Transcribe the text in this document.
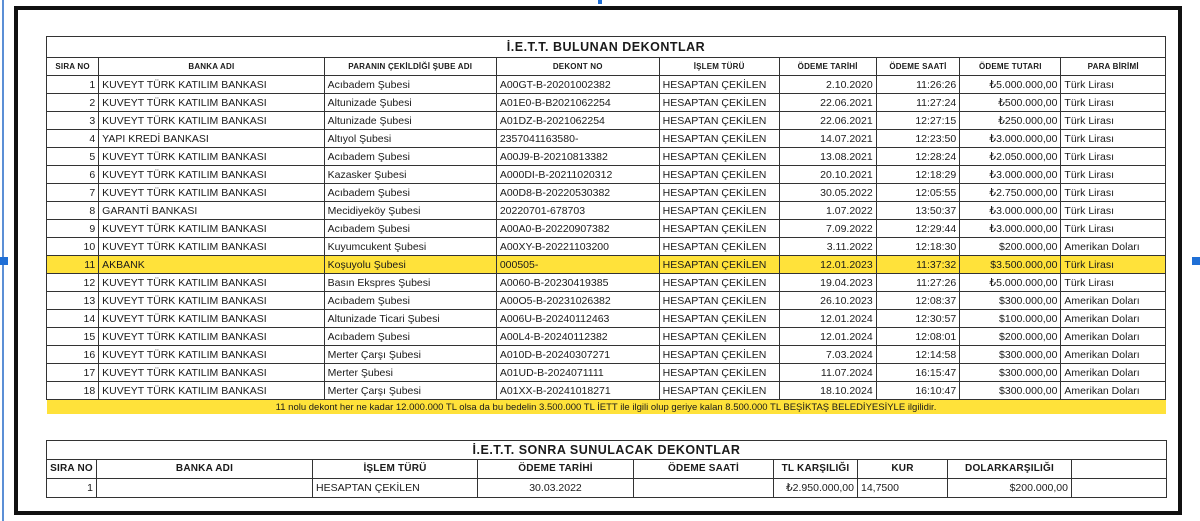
İ.E.T.T. BULUNAN DEKONTLAR								
SIRA NO	BANKA ADI	PARANIN ÇEKİLDİĞİ ŞUBE ADI	DEKONT NO	İŞLEM TÜRÜ	ÖDEME TARİHİ	ÖDEME SAATİ	ÖDEME TUTARI	PARA BİRİMİ
1	KUVEYT TÜRK KATILIM BANKASI	Acıbadem Şubesi	A00GT-B-20201002382	HESAPTAN ÇEKİLEN	2.10.2020	11:26:26	₺5.000.000,00	Türk Lirası
2	KUVEYT TÜRK KATILIM BANKASI	Altunizade Şubesi	A01E0-B-B2021062254	HESAPTAN ÇEKİLEN	22.06.2021	11:27:24	₺500.000,00	Türk Lirası
3	KUVEYT TÜRK KATILIM BANKASI	Altunizade Şubesi	A01DZ-B-2021062254	HESAPTAN ÇEKİLEN	22.06.2021	12:27:15	₺250.000,00	Türk Lirası
4	YAPI KREDİ BANKASI	Altıyol Şubesi	2357041163580-	HESAPTAN ÇEKİLEN	14.07.2021	12:23:50	₺3.000.000,00	Türk Lirası
5	KUVEYT TÜRK KATILIM BANKASI	Acıbadem Şubesi	A00J9-B-20210813382	HESAPTAN ÇEKİLEN	13.08.2021	12:28:24	₺2.050.000,00	Türk Lirası
6	KUVEYT TÜRK KATILIM BANKASI	Kazasker Şubesi	A000DI-B-20211020312	HESAPTAN ÇEKİLEN	20.10.2021	12:18:29	₺3.000.000,00	Türk Lirası
7	KUVEYT TÜRK KATILIM BANKASI	Acıbadem Şubesi	A00D8-B-20220530382	HESAPTAN ÇEKİLEN	30.05.2022	12:05:55	₺2.750.000,00	Türk Lirası
8	GARANTİ BANKASI	Mecidiyeköy Şubesi	20220701-678703	HESAPTAN ÇEKİLEN	1.07.2022	13:50:37	₺3.000.000,00	Türk Lirası
9	KUVEYT TÜRK KATILIM BANKASI	Acıbadem Şubesi	A00A0-B-20220907382	HESAPTAN ÇEKİLEN	7.09.2022	12:29:44	₺3.000.000,00	Türk Lirası
10	KUVEYT TÜRK KATILIM BANKASI	Kuyumcukent Şubesi	A00XY-B-20221103200	HESAPTAN ÇEKİLEN	3.11.2022	12:18:30	$200.000,00	Amerikan Doları
11	AKBANK	Koşuyolu Şubesi	000505-	HESAPTAN ÇEKİLEN	12.01.2023	11:37:32	$3.500.000,00	Türk Lirası
12	KUVEYT TÜRK KATILIM BANKASI	Basın Ekspres Şubesi	A0060-B-20230419385	HESAPTAN ÇEKİLEN	19.04.2023	11:27:26	₺5.000.000,00	Türk Lirası
13	KUVEYT TÜRK KATILIM BANKASI	Acıbadem Şubesi	A00O5-B-20231026382	HESAPTAN ÇEKİLEN	26.10.2023	12:08:37	$300.000,00	Amerikan Doları
14	KUVEYT TÜRK KATILIM BANKASI	Altunizade Ticari Şubesi	A006U-B-20240112463	HESAPTAN ÇEKİLEN	12.01.2024	12:30:57	$100.000,00	Amerikan Doları
15	KUVEYT TÜRK KATILIM BANKASI	Acıbadem Şubesi	A00L4-B-20240112382	HESAPTAN ÇEKİLEN	12.01.2024	12:08:01	$200.000,00	Amerikan Doları
16	KUVEYT TÜRK KATILIM BANKASI	Merter Çarşı Şubesi	A010D-B-20240307271	HESAPTAN ÇEKİLEN	7.03.2024	12:14:58	$300.000,00	Amerikan Doları
17	KUVEYT TÜRK KATILIM BANKASI	Merter Şubesi	A01UD-B-2024071111	HESAPTAN ÇEKİLEN	11.07.2024	16:15:47	$300.000,00	Amerikan Doları
18	KUVEYT TÜRK KATILIM BANKASI	Merter Çarşı Şubesi	A01XX-B-20241018271	HESAPTAN ÇEKİLEN	18.10.2024	16:10:47	$300.000,00	Amerikan Doları
11 nolu dekont her ne kadar 12.000.000 TL olsa da bu bedelin 3.500.000 TL İETT ile ilgili olup geriye kalan 8.500.000 TL BEŞİKTAŞ BELEDİYESİYLE ilgilidir.								
İ.E.T.T. SONRA SUNULACAK DEKONTLAR								
SIRA NO	BANKA ADI	İŞLEM TÜRÜ	ÖDEME TARİHİ	ÖDEME SAATİ	TL KARŞILIĞI	KUR	DOLARKARŞILIĞI	
1		HESAPTAN ÇEKİLEN	30.03.2022		₺2.950.000,00	14,7500	$200.000,00	
